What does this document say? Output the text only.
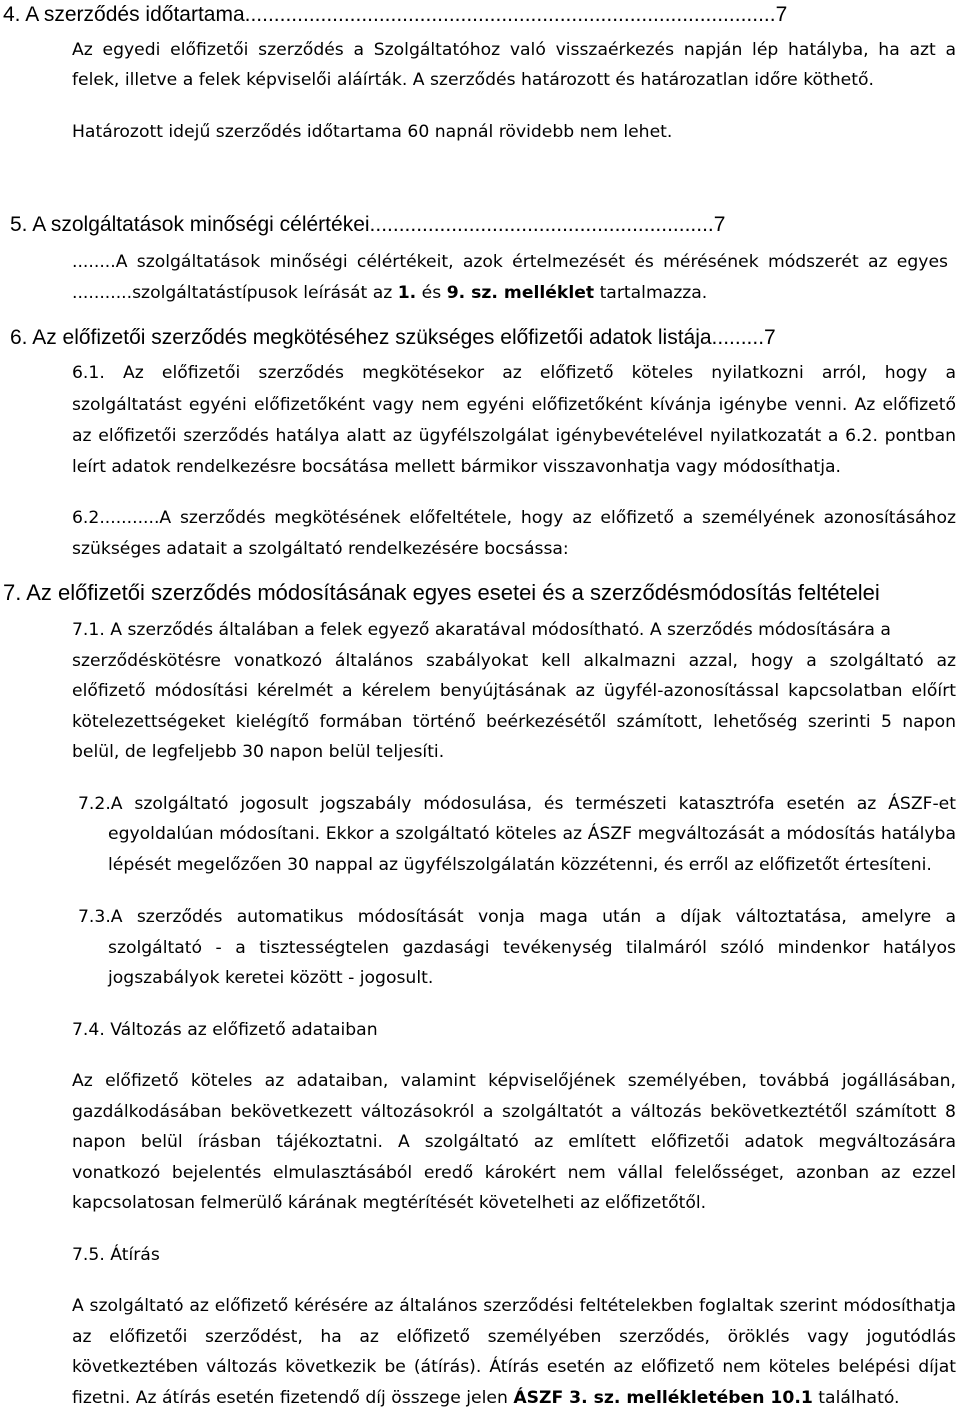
4. A szerződés időtartama...........................................................................................7
Az egyedi előfizetői szerződés a Szolgáltatóhoz való visszaérkezés napján lép hatályba, ha azt a
felek, illetve a felek képviselői aláírták. A szerződés határozott és határozatlan időre köthető.
Határozott idejű szerződés időtartama 60 napnál rövidebb nem lehet.
5. A szolgáltatások minőségi célértékei...........................................................7
........A szolgáltatások minőségi célértékeit, azok értelmezését és mérésének módszerét az egyes
...........szolgáltatástípusok leírását az 1. és 9. sz. melléklet tartalmazza.
6. Az előfizetői szerződés megkötéséhez szükséges előfizetői adatok listája.........7
6.1. Az előfizetői szerződés megkötésekor az előfizető köteles nyilatkozni arról, hogy a
szolgáltatást egyéni előfizetőként vagy nem egyéni előfizetőként kívánja igénybe venni. Az előfizető
az előfizetői szerződés hatálya alatt az ügyfélszolgálat igénybevételével nyilatkozatát a 6.2. pontban
leírt adatok rendelkezésre bocsátása mellett bármikor visszavonhatja vagy módosíthatja.
6.2...........A szerződés megkötésének előfeltétele, hogy az előfizető a személyének azonosításához
szükséges adatait a szolgáltató rendelkezésére bocsássa:
7. Az előfizetői szerződés módosításának egyes esetei és a szerződésmódosítás feltételei
7.1. A szerződés általában a felek egyező akaratával módosítható. A szerződés módosítására a
szerződéskötésre vonatkozó általános szabályokat kell alkalmazni azzal, hogy a szolgáltató az
előfizető módosítási kérelmét a kérelem benyújtásának az ügyfél-azonosítással kapcsolatban előírt
kötelezettségeket kielégítő formában történő beérkezésétől számított, lehetőség szerinti 5 napon
belül, de legfeljebb 30 napon belül teljesíti.
7.2.A szolgáltató jogosult jogszabály módosulása, és természeti katasztrófa esetén az ÁSZF-et
egyoldalúan módosítani. Ekkor a szolgáltató köteles az ÁSZF megváltozását a módosítás hatályba
lépését megelőzően 30 nappal az ügyfélszolgálatán közzétenni, és erről az előfizetőt értesíteni.
7.3.A szerződés automatikus módosítását vonja maga után a díjak változtatása, amelyre a
szolgáltató - a tisztességtelen gazdasági tevékenység tilalmáról szóló mindenkor hatályos
jogszabályok keretei között - jogosult.
7.4. Változás az előfizető adataiban
Az előfizető köteles az adataiban, valamint képviselőjének személyében, továbbá jogállásában,
gazdálkodásában bekövetkezett változásokról a szolgáltatót a változás bekövetkeztétől számított 8
napon belül írásban tájékoztatni. A szolgáltató az említett előfizetői adatok megváltozására
vonatkozó bejelentés elmulasztásából eredő károkért nem vállal felelősséget, azonban az ezzel
kapcsolatosan felmerülő kárának megtérítését követelheti az előfizetőtől.
7.5. Átírás
A szolgáltató az előfizető kérésére az általános szerződési feltételekben foglaltak szerint módosíthatja
az előfizetői szerződést, ha az előfizető személyében szerződés, öröklés vagy jogutódlás
következtében változás következik be (átírás). Átírás esetén az előfizető nem köteles belépési díjat
fizetni. Az átírás esetén fizetendő díj összege jelen ÁSZF 3. sz. mellékletében 10.1 található.
